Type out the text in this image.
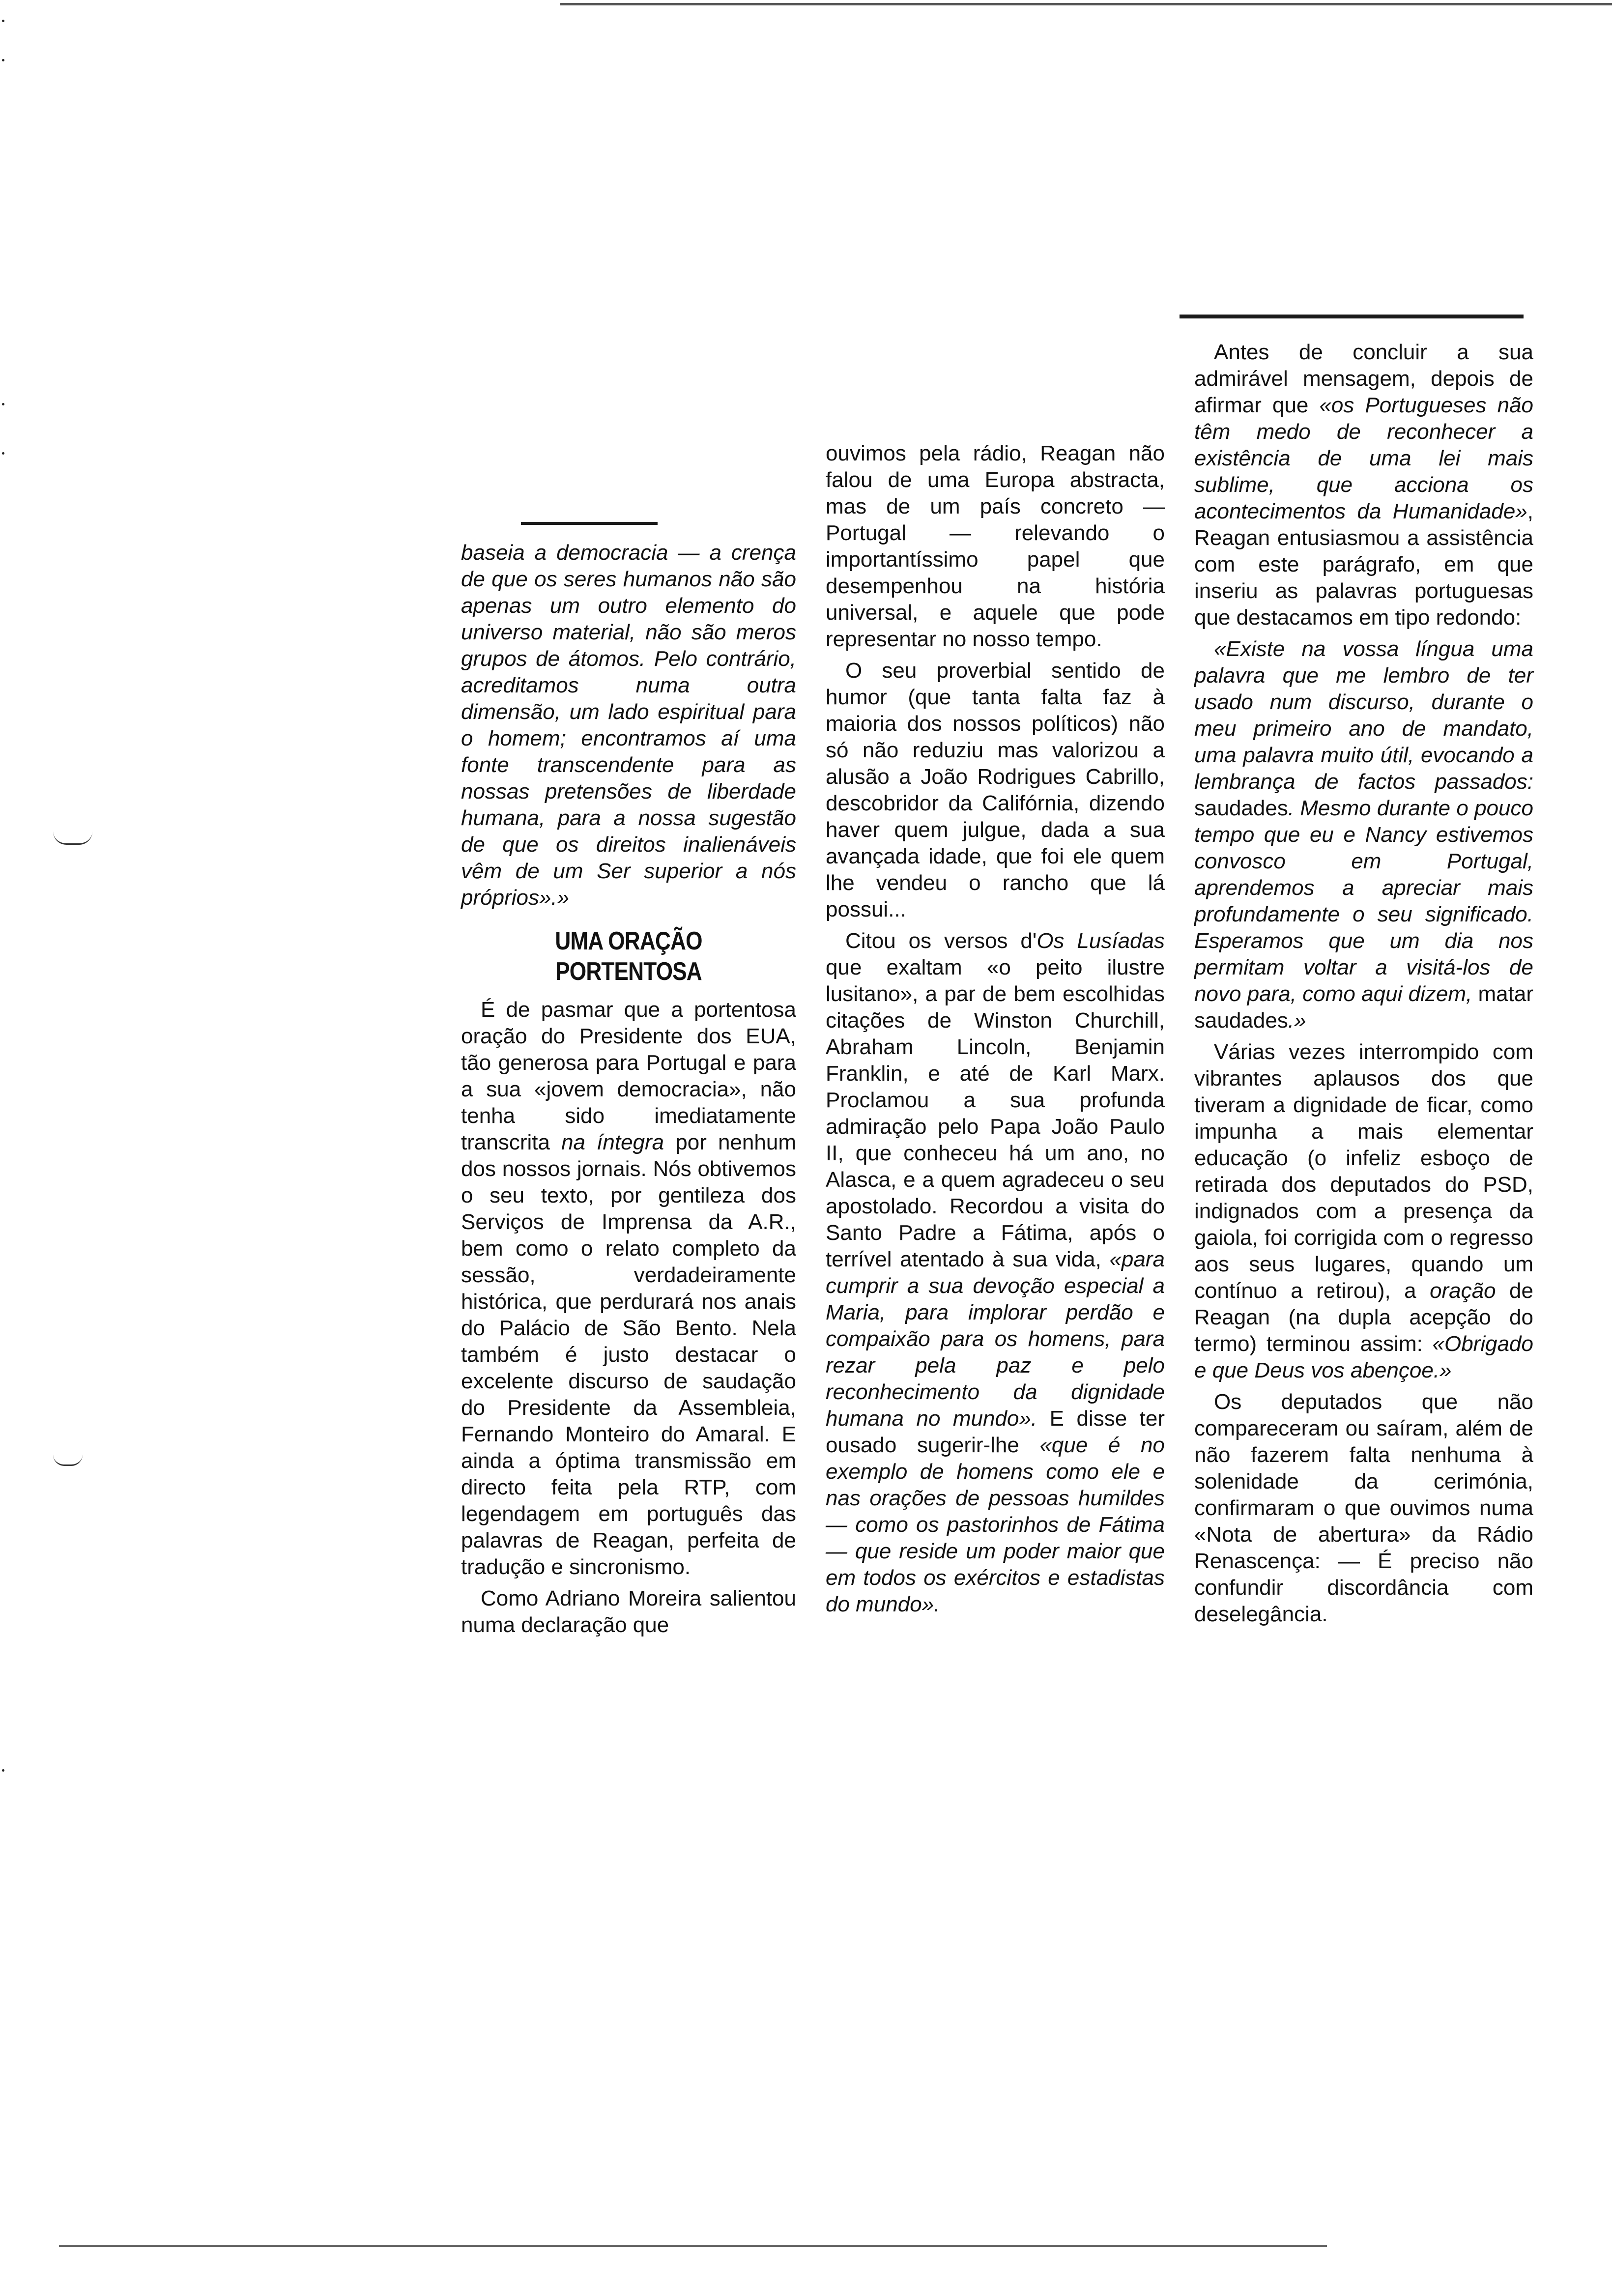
baseia a democracia — a crença de que os seres humanos não são apenas um outro elemento do universo material, não são meros grupos de átomos. Pelo contrário, acreditamos numa outra dimensão, um lado espiritual para o homem; encontramos aí uma fonte transcendente para as nossas pretensões de liberdade humana, para a nossa sugestão de que os direitos inalienáveis vêm de um Ser superior a nós próprios».»

UMA ORAÇÃO
PORTENTOSA

É de pasmar que a portentosa oração do Presidente dos EUA, tão generosa para Portugal e para a sua «jovem democracia», não tenha sido imediatamente transcrita na íntegra por nenhum dos nossos jornais. Nós obtivemos o seu texto, por gentileza dos Serviços de Imprensa da A.R., bem como o relato completo da sessão, verdadeiramente histórica, que perdurará nos anais do Palácio de São Bento. Nela também é justo destacar o excelente discurso de saudação do Presidente da Assembleia, Fernando Monteiro do Amaral. E ainda a óptima transmissão em directo feita pela RTP, com legendagem em português das palavras de Reagan, perfeita de tradução e sincronismo.

Como Adriano Moreira salientou numa declaração que

ouvimos pela rádio, Reagan não falou de uma Europa abstracta, mas de um país concreto — Portugal — relevando o importantíssimo papel que desempenhou na história universal, e aquele que pode representar no nosso tempo.

O seu proverbial sentido de humor (que tanta falta faz à maioria dos nossos políticos) não só não reduziu mas valorizou a alusão a João Rodrigues Cabrillo, descobridor da Califórnia, dizendo haver quem julgue, dada a sua avançada idade, que foi ele quem lhe vendeu o rancho que lá possui...

Citou os versos d'Os Lusíadas que exaltam «o peito ilustre lusitano», a par de bem escolhidas citações de Winston Churchill, Abraham Lincoln, Benjamin Franklin, e até de Karl Marx. Proclamou a sua profunda admiração pelo Papa João Paulo II, que conheceu há um ano, no Alasca, e a quem agradeceu o seu apostolado. Recordou a visita do Santo Padre a Fátima, após o terrível atentado à sua vida, «para cumprir a sua devoção especial a Maria, para implorar perdão e compaixão para os homens, para rezar pela paz e pelo reconhecimento da dignidade humana no mundo». E disse ter ousado sugerir-lhe «que é no exemplo de homens como ele e nas orações de pessoas humildes — como os pastorinhos de Fátima — que reside um poder maior que em todos os exércitos e estadistas do mundo».

Antes de concluir a sua admirável mensagem, depois de afirmar que «os Portugueses não têm medo de reconhecer a existência de uma lei mais sublime, que acciona os acontecimentos da Humanidade», Reagan entusiasmou a assistência com este parágrafo, em que inseriu as palavras portuguesas que destacamos em tipo redondo:

«Existe na vossa língua uma palavra que me lembro de ter usado num discurso, durante o meu primeiro ano de mandato, uma palavra muito útil, evocando a lembrança de factos passados: saudades. Mesmo durante o pouco tempo que eu e Nancy estivemos convosco em Portugal, aprendemos a apreciar mais profundamente o seu significado. Esperamos que um dia nos permitam voltar a visitá-los de novo para, como aqui dizem, matar saudades.»

Várias vezes interrompido com vibrantes aplausos dos que tiveram a dignidade de ficar, como impunha a mais elementar educação (o infeliz esboço de retirada dos deputados do PSD, indignados com a presença da gaiola, foi corrigida com o regresso aos seus lugares, quando um contínuo a retirou), a oração de Reagan (na dupla acepção do termo) terminou assim: «Obrigado e que Deus vos abençoe.»

Os deputados que não compareceram ou saíram, além de não fazerem falta nenhuma à solenidade da cerimónia, confirmaram o que ouvimos numa «Nota de abertura» da Rádio Renascença: — É preciso não confundir discordância com deselegância.
